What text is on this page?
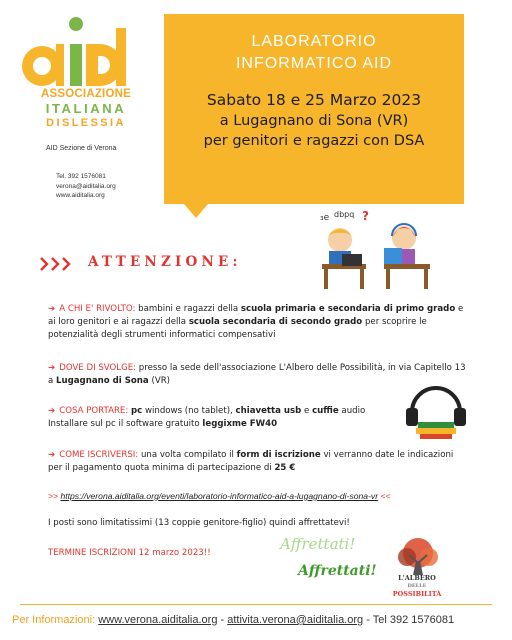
ASSOCIAZIONE
ITALIANA
DISLESSIA
AID Sezione di Verona
Tel. 392 1576081
verona@aiditalia.org
www.aiditalia.org
LABORATORIO
INFORMATICO AID
Sabato 18 e 25 Marzo 2023
a Lugagnano di Sona (VR)
per genitori e ragazzi con DSA
₃e dbpq ?
ATTENZIONE:
➔ A CHI E' RIVOLTO: bambini e ragazzi della scuola primaria e secondaria di primo grado e ai loro genitori e ai ragazzi della scuola secondaria di secondo grado per scoprire le potenzialità degli strumenti informatici compensativi
➔ DOVE DI SVOLGE: presso la sede dell'associazione L'Albero delle Possibilità, in via Capitello 13 a Lugagnano di Sona (VR)
➔ COSA PORTARE: pc windows (no tablet), chiavetta usb e cuffie audio Installare sul pc il software gratuito leggixme FW40
➔ COME ISCRIVERSI: una volta compilato il form di iscrizione vi verranno date le indicazioni per il pagamento quota minima di partecipazione di 25 €
>> https://verona.aiditalia.org/eventi/laboratorio-informatico-aid-a-lugagnano-di-sona-vr <<
I posti sono limitatissimi (13 coppie genitore-figlio) quindi affrettatevi!
TERMINE ISCRIZIONI 12 marzo 2023!!	Affrettati!
Affrettati!	L'ALBERO
DELLE
POSSIBILITÀ
Per Informazioni: www.verona.aiditalia.org - attivita.verona@aiditalia.org - Tel 392 1576081
